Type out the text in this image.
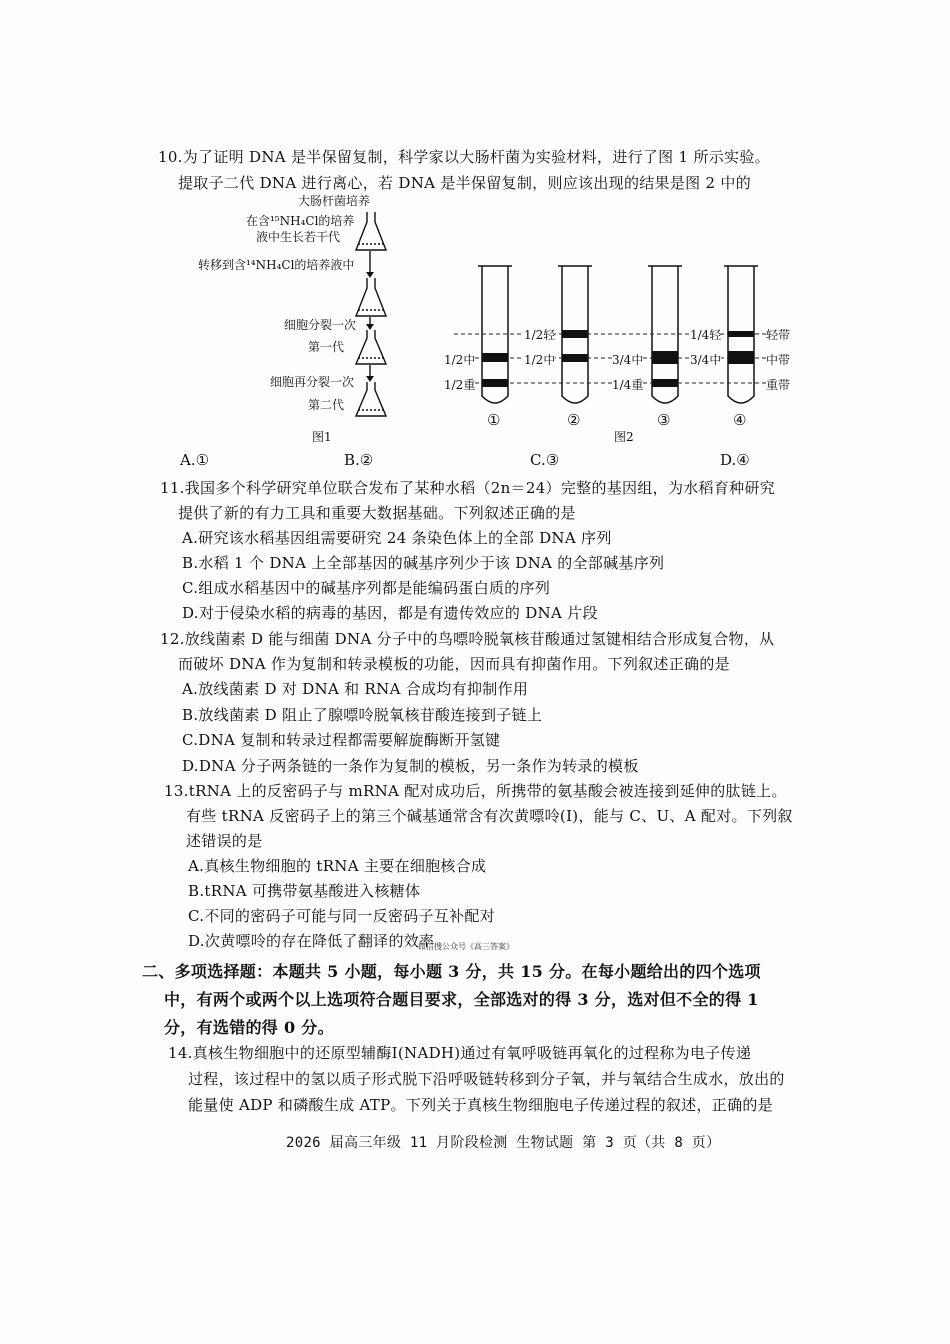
10.为了证明 DNA 是半保留复制，科学家以大肠杆菌为实验材料，进行了图 1 所示实验。
提取子二代 DNA 进行离心，若 DNA 是半保留复制，则应该出现的结果是图 2 中的
大肠杆菌培养
在含¹⁵NH₄Cl的培养
液中生长若干代
转移到含¹⁴NH₄Cl的培养液中
细胞分裂一次
第一代
细胞再分裂一次
第二代
图1
1/2轻	1/4轻
1/2中	1/2中	3/4中	3/4中
1/2重	1/4重
轻带
中带
重带
①	②	③	④
图2
A.①	B.②	C.③	D.④
11.我国多个科学研究单位联合发布了某种水稻（2n＝24）完整的基因组，为水稻育种研究
提供了新的有力工具和重要大数据基础。下列叙述正确的是
A.研究该水稻基因组需要研究 24 条染色体上的全部 DNA 序列
B.水稻 1 个 DNA 上全部基因的碱基序列少于该 DNA 的全部碱基序列
C.组成水稻基因中的碱基序列都是能编码蛋白质的序列
D.对于侵染水稻的病毒的基因，都是有遗传效应的 DNA 片段
12.放线菌素 D 能与细菌 DNA 分子中的鸟嘌呤脱氧核苷酸通过氢键相结合形成复合物，从
而破坏 DNA 作为复制和转录模板的功能，因而具有抑菌作用。下列叙述正确的是
A.放线菌素 D 对 DNA 和 RNA 合成均有抑制作用
B.放线菌素 D 阻止了腺嘌呤脱氧核苷酸连接到子链上
C.DNA 复制和转录过程都需要解旋酶断开氢键
D.DNA 分子两条链的一条作为复制的模板，另一条作为转录的模板
13.tRNA 上的反密码子与 mRNA 配对成功后，所携带的氨基酸会被连接到延伸的肽链上。
有些 tRNA 反密码子上的第三个碱基通常含有次黄嘌呤(I)，能与 C、U、A 配对。下列叙
述错误的是
A.真核生物细胞的 tRNA 主要在细胞核合成
B.tRNA 可携带氨基酸进入核糖体
C.不同的密码子可能与同一反密码子互补配对
D.次黄嘌呤的存在降低了翻译的效率
微信搜公众号《高三答案》
二、多项选择题：本题共 5 小题，每小题 3 分，共 15 分。在每小题给出的四个选项
中，有两个或两个以上选项符合题目要求，全部选对的得 3 分，选对但不全的得 1
分，有选错的得 0 分。
14.真核生物细胞中的还原型辅酶Ⅰ(NADH)通过有氧呼吸链再氧化的过程称为电子传递
过程，该过程中的氢以质子形式脱下沿呼吸链转移到分子氧，并与氧结合生成水，放出的
能量使 ADP 和磷酸生成 ATP。下列关于真核生物细胞电子传递过程的叙述，正确的是
2026 届高三年级 11 月阶段检测 生物试题 第 3 页（共 8 页）
